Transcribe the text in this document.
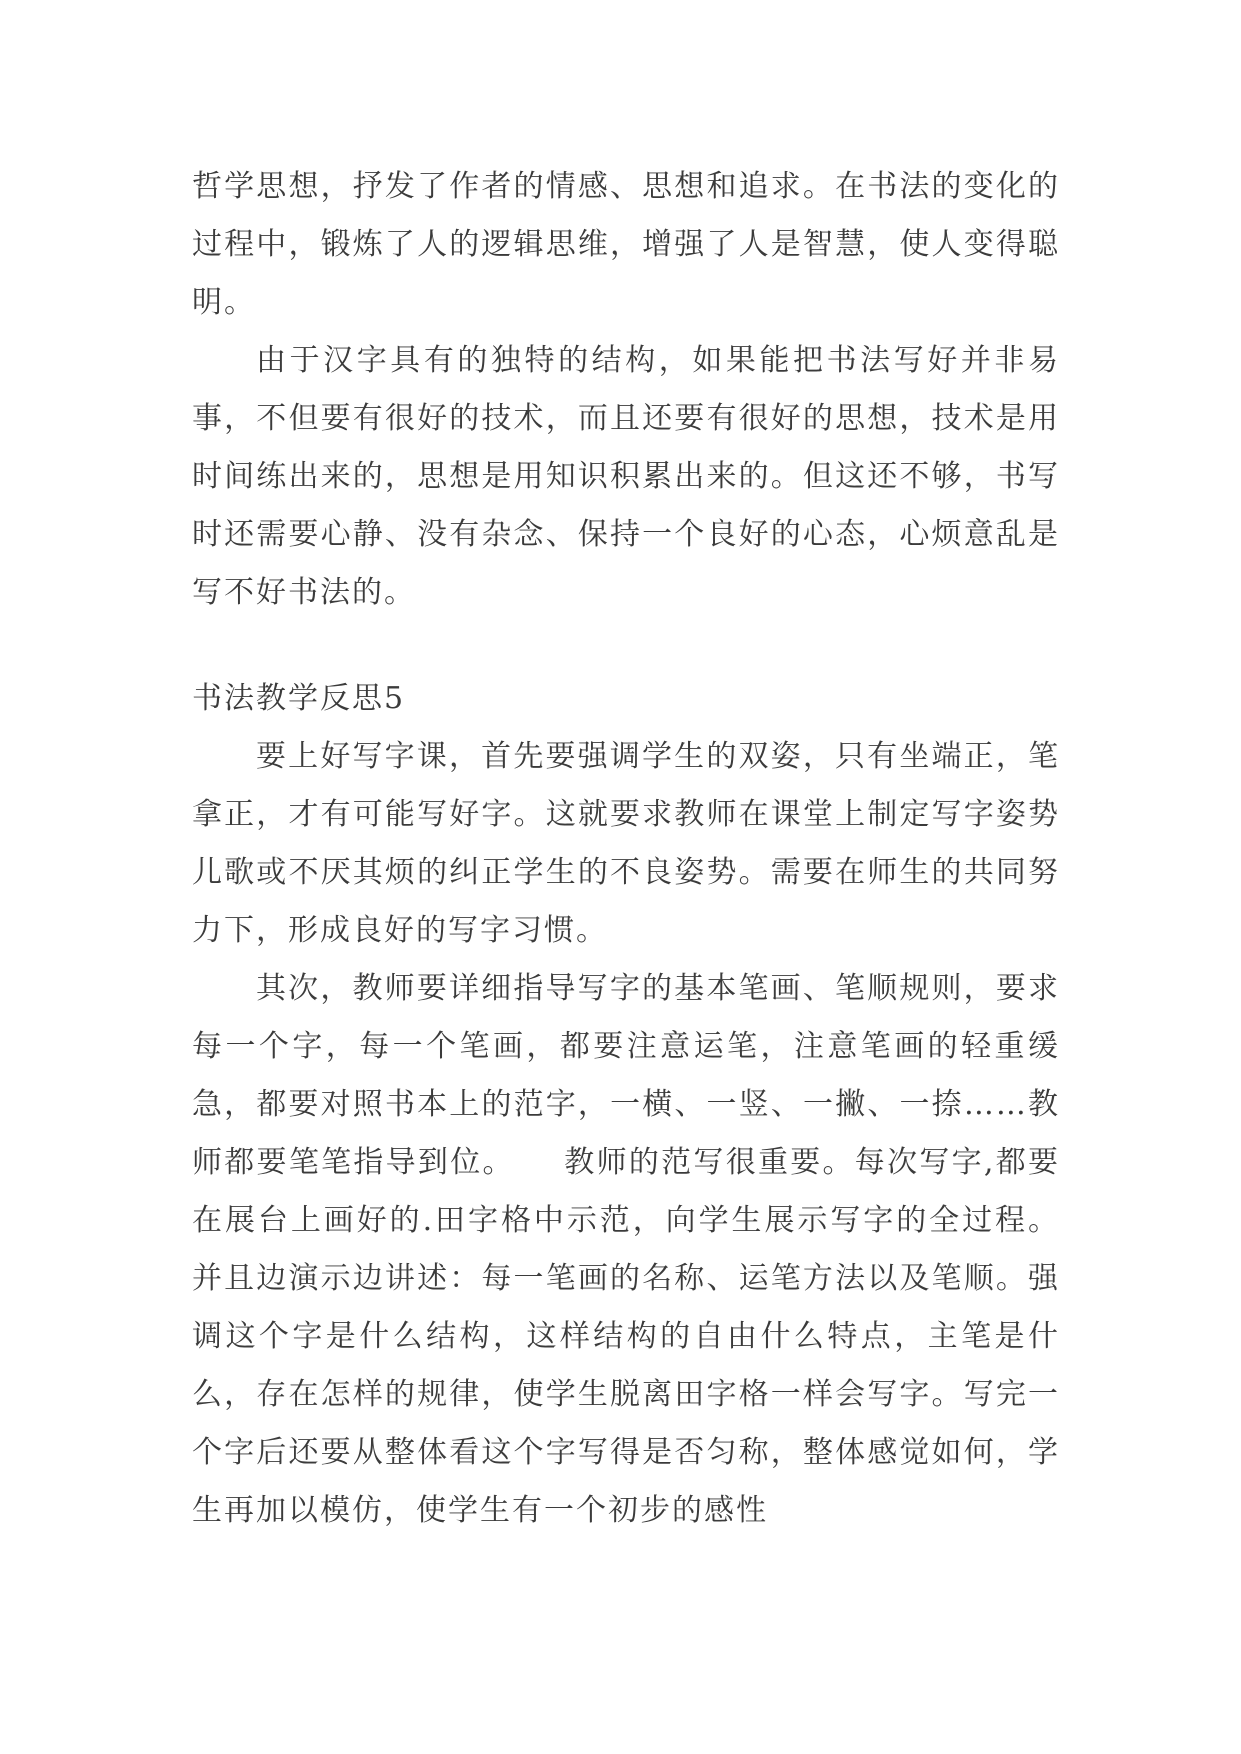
哲学思想，抒发了作者的情感、思想和追求。在书法的变化的过程中，锻炼了人的逻辑思维，增强了人是智慧，使人变得聪明。

由于汉字具有的独特的结构，如果能把书法写好并非易事，不但要有很好的技术，而且还要有很好的思想，技术是用时间练出来的，思想是用知识积累出来的。但这还不够，书写时还需要心静、没有杂念、保持一个良好的心态，心烦意乱是写不好书法的。

书法教学反思5

要上好写字课，首先要强调学生的双姿，只有坐端正，笔拿正，才有可能写好字。这就要求教师在课堂上制定写字姿势儿歌或不厌其烦的纠正学生的不良姿势。需要在师生的共同努力下，形成良好的写字习惯。

其次，教师要详细指导写字的基本笔画、笔顺规则，要求每一个字，每一个笔画，都要注意运笔，注意笔画的轻重缓急，都要对照书本上的范字，一横、一竖、一撇、一捺……教师都要笔笔指导到位。　　教师的范写很重要。每次写字,都要在展台上画好的.田字格中示范，向学生展示写字的全过程。并且边演示边讲述：每一笔画的名称、运笔方法以及笔顺。强调这个字是什么结构，这样结构的自由什么特点，主笔是什么，存在怎样的规律，使学生脱离田字格一样会写字。写完一个字后还要从整体看这个字写得是否匀称，整体感觉如何，学生再加以模仿，使学生有一个初步的感性
